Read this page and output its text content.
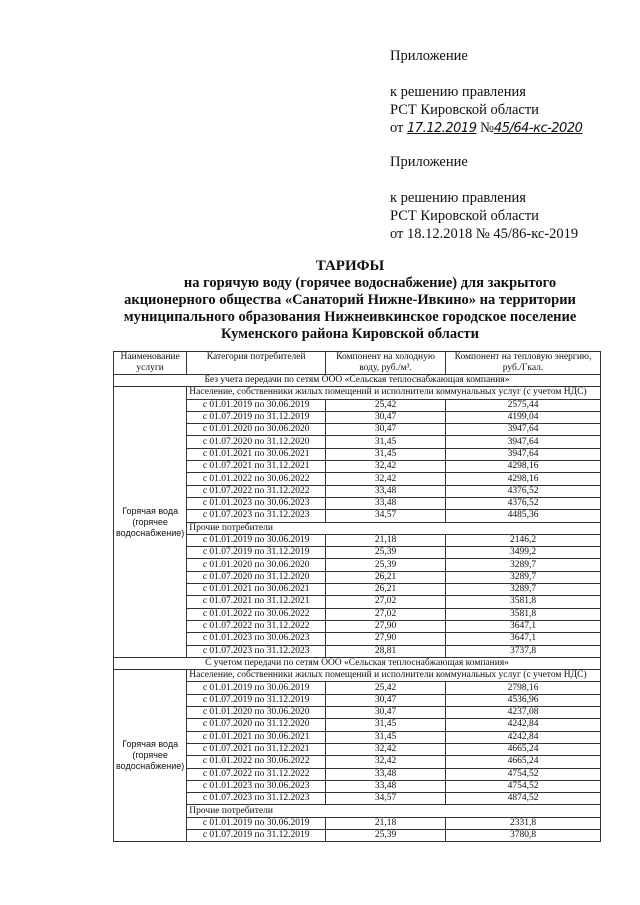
Приложение

к решению правления
РСТ Кировской области
от 17.12.2019 №45/64-кс-2020
Приложение

к решению правления
РСТ Кировской области
от 18.12.2018 № 45/86-кс-2019
ТАРИФЫ
на горячую воду (горячее водоснабжение) для закрытого
акционерного общества «Санаторий Нижне-Ивкино» на территории
муниципального образования Нижнеивкинское городское поселение
Куменского района Кировской области
Наименование услуги	Категория потребителей	Компонент на холодную воду, руб./м³.	Компонент на тепловую энергию, руб./Гкал.
Без учета передачи по сетям ООО «Сельская теплоснабжающая компания»			
Горячая вода (горячее водоснабжение)	Население, собственники жилых помещений и исполнители коммунальных услуг (с учетом НДС)		
	с 01.01.2019 по 30.06.2019	25,42	2575,44
	с 01.07.2019 по 31.12.2019	30,47	4199,04
	с 01.01.2020 по 30.06.2020	30,47	3947,64
	с 01.07.2020 по 31.12.2020	31,45	3947,64
	с 01.01.2021 по 30.06.2021	31,45	3947,64
	с 01.07.2021 по 31.12.2021	32,42	4298,16
	с 01.01.2022 по 30.06.2022	32,42	4298,16
	с 01.07.2022 по 31.12.2022	33,48	4376,52
	с 01.01.2023 по 30.06.2023	33,48	4376,52
	с 01.07.2023 по 31.12.2023	34,57	4485,36
	Прочие потребители		
	с 01.01.2019 по 30.06.2019	21,18	2146,2
	с 01.07.2019 по 31.12.2019	25,39	3499,2
	с 01.01.2020 по 30.06.2020	25,39	3289,7
	с 01.07.2020 по 31.12.2020	26,21	3289,7
	с 01.01.2021 по 30.06.2021	26,21	3289,7
	с 01.07.2021 по 31.12.2021	27,02	3581,8
	с 01.01.2022 по 30.06.2022	27,02	3581,8
	с 01.07.2022 по 31.12.2022	27,90	3647,1
	с 01.01.2023 по 30.06.2023	27,90	3647,1
	с 01.07.2023 по 31.12.2023	28,81	3737,8
С учетом передачи по сетям ООО «Сельская теплоснабжающая компания»			
Горячая вода (горячее водоснабжение)	Население, собственники жилых помещений и исполнители коммунальных услуг (с учетом НДС)		
	с 01.01.2019 по 30.06.2019	25,42	2798,16
	с 01.07.2019 по 31.12.2019	30,47	4536,96
	с 01.01.2020 по 30.06.2020	30,47	4237,08
	с 01.07.2020 по 31.12.2020	31,45	4242,84
	с 01.01.2021 по 30.06.2021	31,45	4242,84
	с 01.07.2021 по 31.12.2021	32,42	4665,24
	с 01.01.2022 по 30.06.2022	32,42	4665,24
	с 01.07.2022 по 31.12.2022	33,48	4754,52
	с 01.01.2023 по 30.06.2023	33,48	4754,52
	с 01.07.2023 по 31.12.2023	34,57	4874,52
	Прочие потребители		
	с 01.01.2019 по 30.06.2019	21,18	2331,8
	с 01.07.2019 по 31.12.2019	25,39	3780,8
